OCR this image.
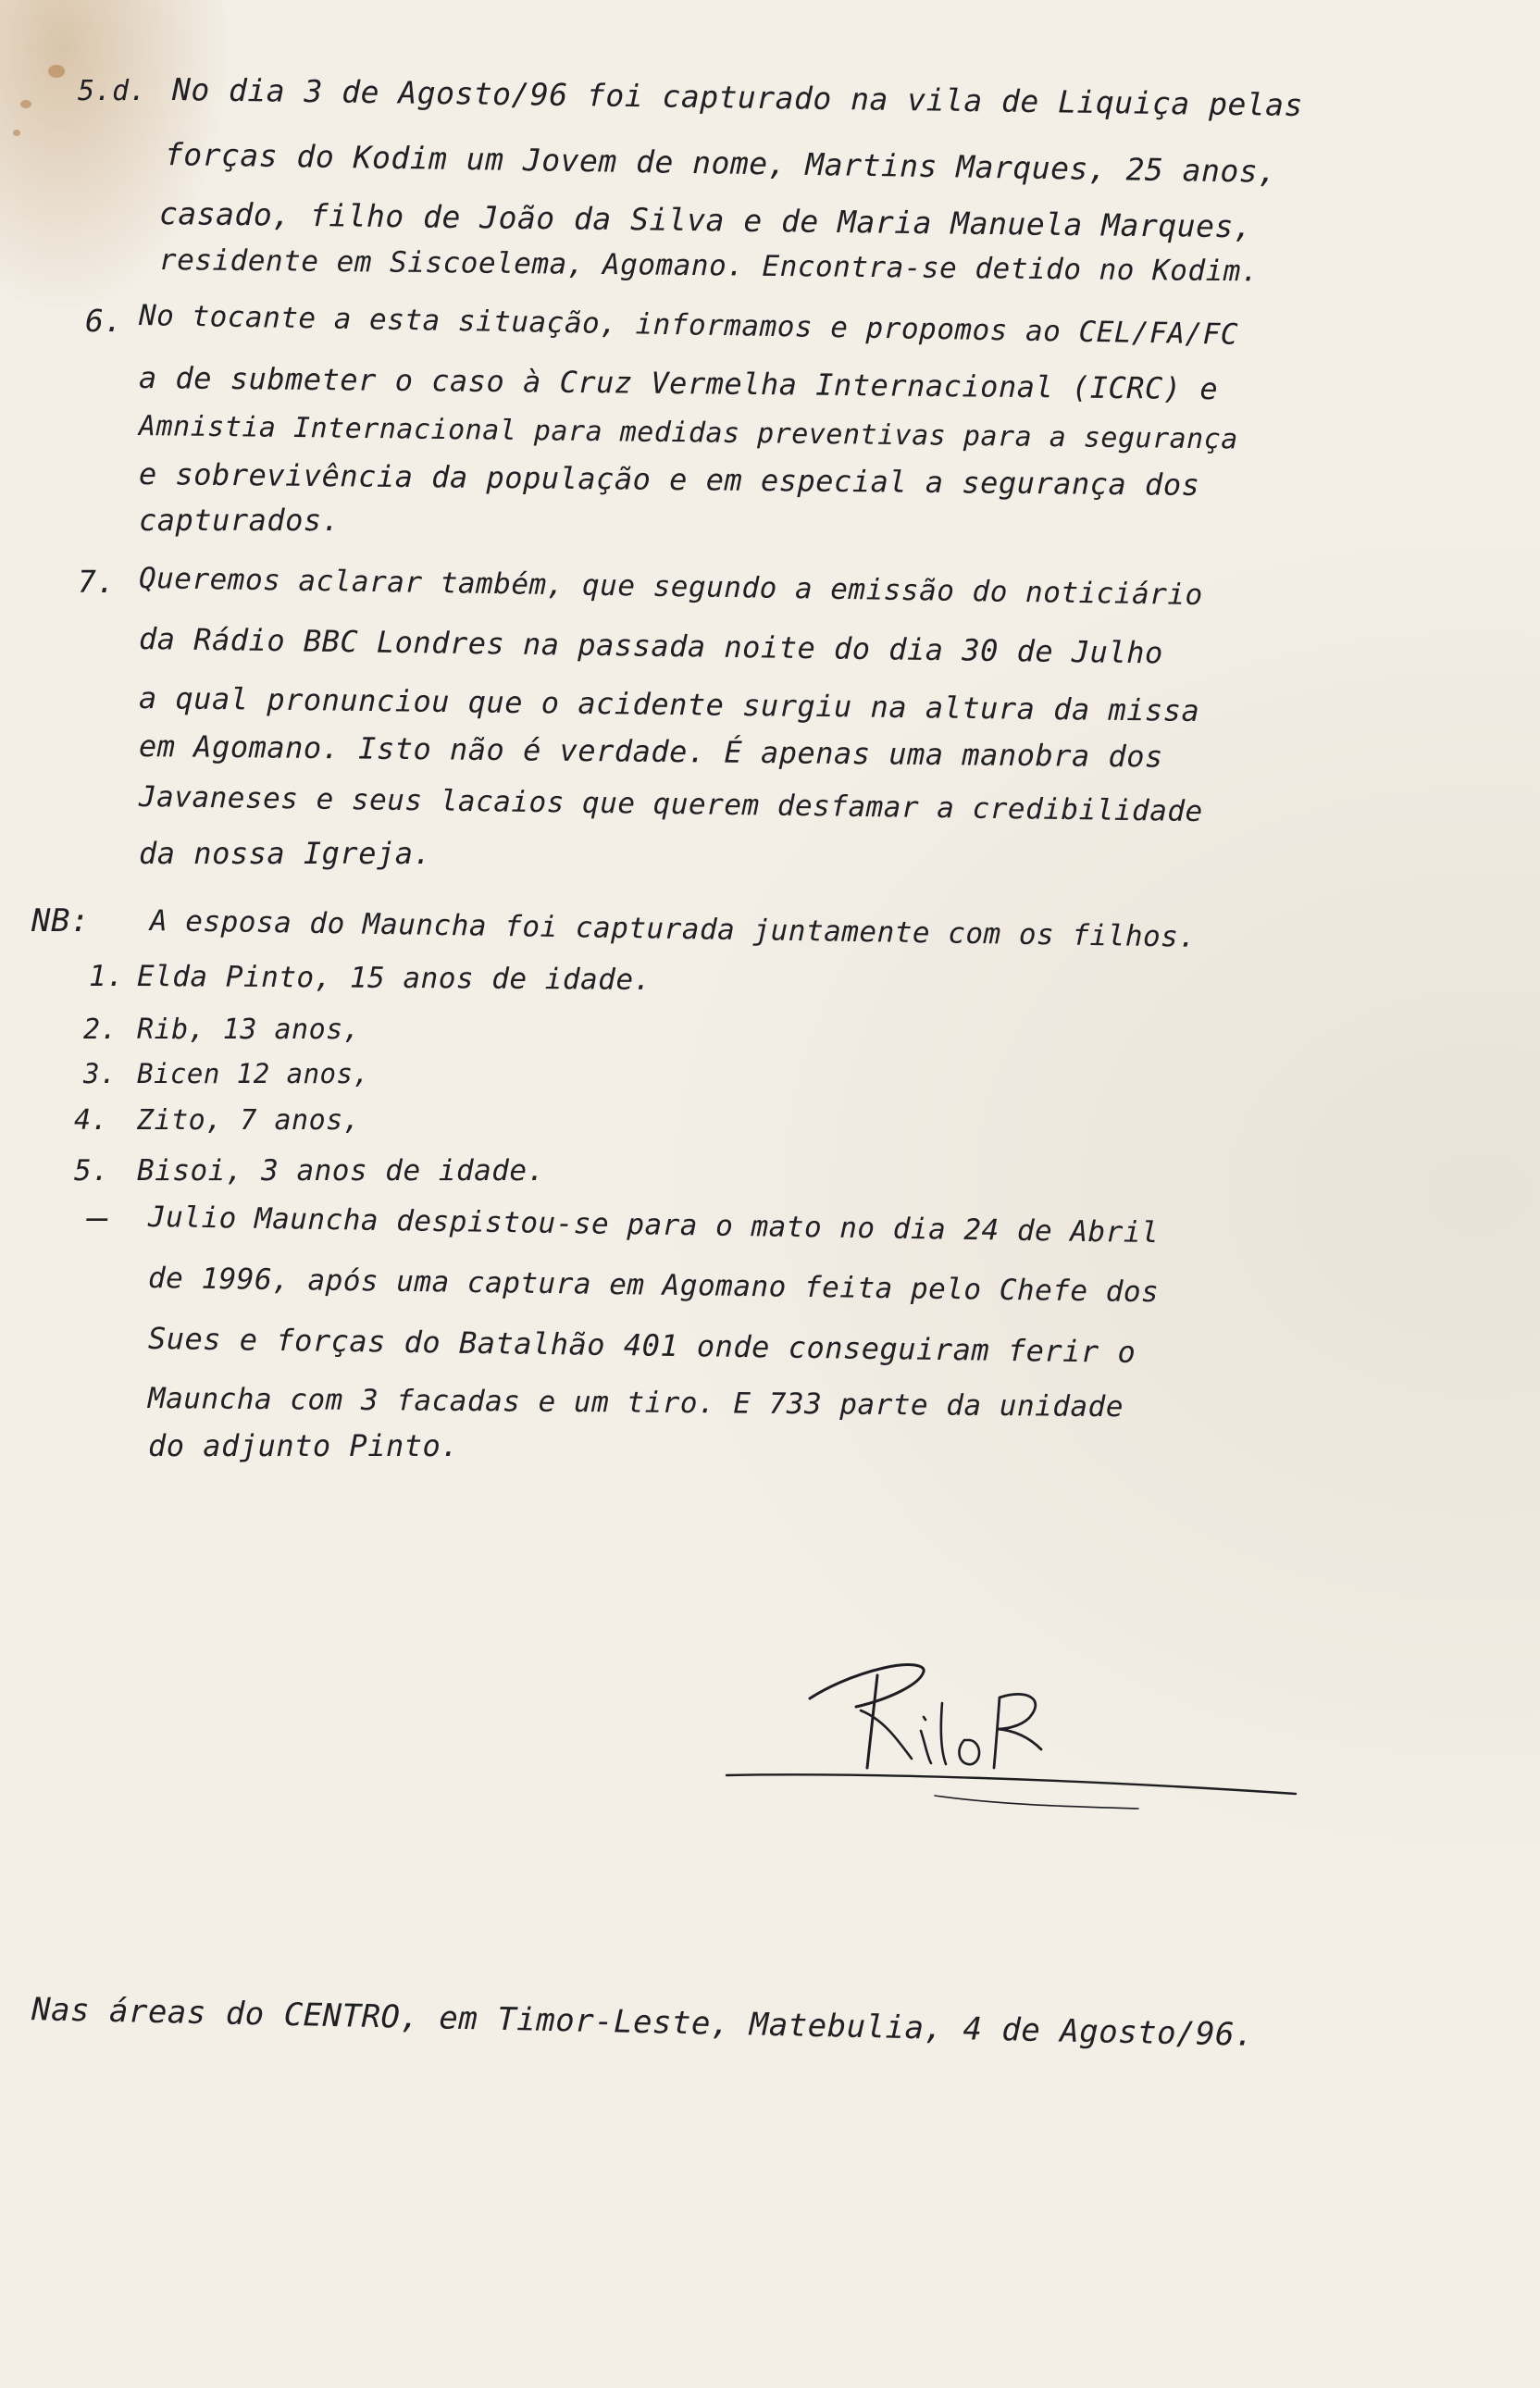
5.d. No dia 3 de Agosto/96 foi capturado na vila de Liquiça pelas
forças do Kodim um Jovem de nome, Martins Marques, 25 anos,
casado, filho de João da Silva e de Maria Manuela Marques,
residente em Siscoelema, Agomano. Encontra-se detido no Kodim.
6. No tocante a esta situação, informamos e propomos ao CEL/FA/FC
a de submeter o caso à Cruz Vermelha Internacional (ICRC) e
Amnistia Internacional para medidas preventivas para a segurança
e sobrevivência da população e em especial a segurança dos
capturados.
7. Queremos aclarar também, que segundo a emissão do noticiário
da Rádio BBC Londres na passada noite do dia 30 de Julho
a qual pronunciou que o acidente surgiu na altura da missa
em Agomano. Isto não é verdade. É apenas uma manobra dos
Javaneses e seus lacaios que querem desfamar a credibilidade
da nossa Igreja.
NB: A esposa do Mauncha foi capturada juntamente com os filhos.
1. Elda Pinto, 15 anos de idade.
2. Rib, 13 anos,
3. Bicen 12 anos,
4. Zito, 7 anos,
5. Bisoi, 3 anos de idade.
— Julio Mauncha despistou-se para o mato no dia 24 de Abril
de 1996, após uma captura em Agomano feita pelo Chefe dos
Sues e forças do Batalhão 401 onde conseguiram ferir o
Mauncha com 3 facadas e um tiro. E 733 parte da unidade
do adjunto Pinto.
Nas áreas do CENTRO, em Timor-Leste, Matebulia, 4 de Agosto/96.
